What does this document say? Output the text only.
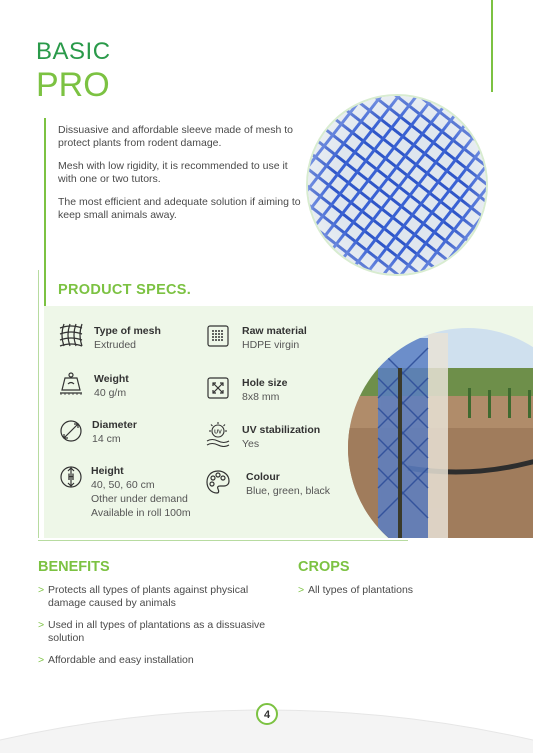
BASIC
PRO

Dissuasive and affordable sleeve made of mesh to protect plants from rodent damage.

Mesh with low rigidity, it is recommended to use it with one or two tutors.

The most efficient and adequate solution if aiming to keep small animals away.

PRODUCT SPECS.
Type of mesh
Extruded
Weight
40 g/m
Diameter
14 cm
H Height
40, 50, 60 cm
Other under demand
Available in roll 100m
Raw material
HDPE virgin
Hole size
8x8 mm
UV UV stabilization
Yes
Colour
Blue, green, black
BENEFITS
> Protects all types of plants against physical damage caused by animals
> Used in all types of plantations as a dissuasive solution
> Affordable and easy installation
CROPS
> All types of plantations
4
